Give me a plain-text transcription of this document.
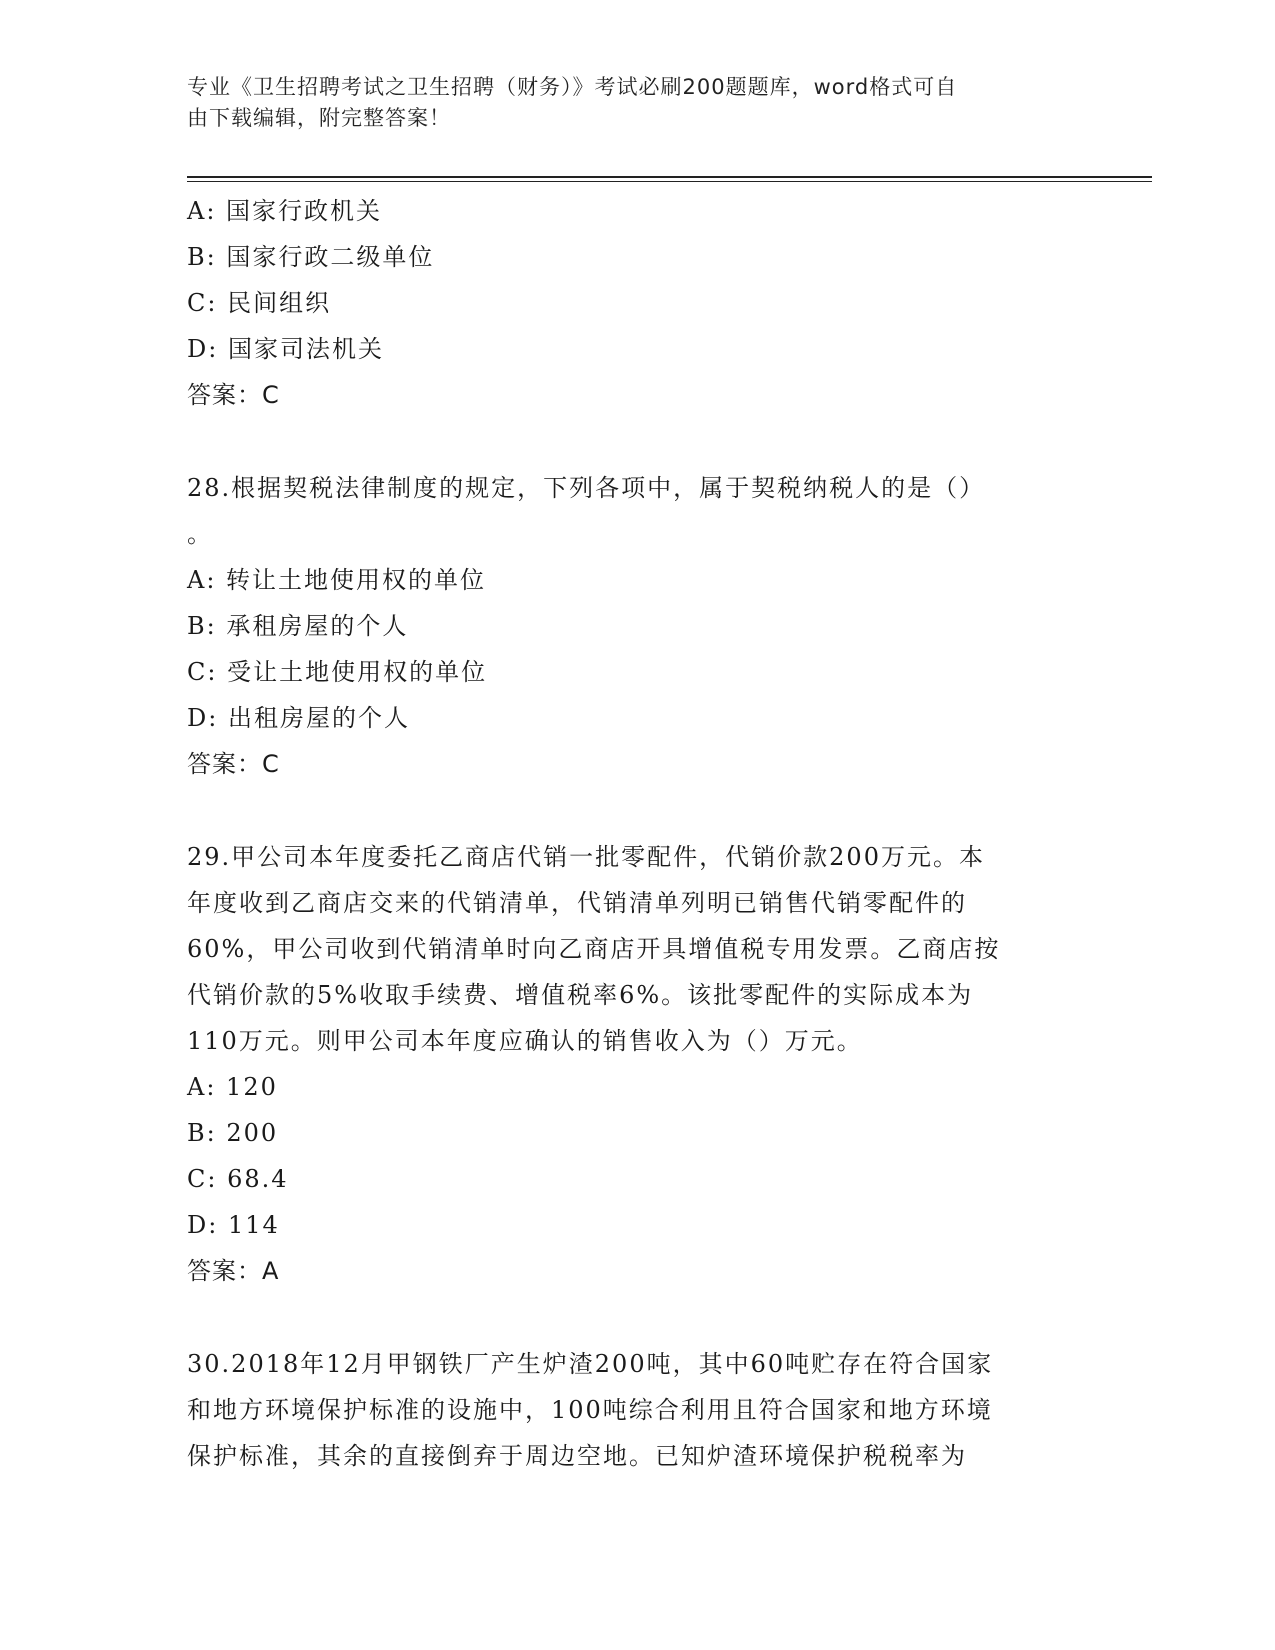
专业《卫生招聘考试之卫生招聘（财务）》考试必刷200题题库，word格式可自
由下载编辑，附完整答案！
A: 国家行政机关
B: 国家行政二级单位
C: 民间组织
D: 国家司法机关
答案：C
28.根据契税法律制度的规定，下列各项中，属于契税纳税人的是（）
。
A: 转让土地使用权的单位
B: 承租房屋的个人
C: 受让土地使用权的单位
D: 出租房屋的个人
答案：C
29.甲公司本年度委托乙商店代销一批零配件，代销价款200万元。本
年度收到乙商店交来的代销清单，代销清单列明已销售代销零配件的
60%，甲公司收到代销清单时向乙商店开具增值税专用发票。乙商店按
代销价款的5%收取手续费、增值税率6%。该批零配件的实际成本为
110万元。则甲公司本年度应确认的销售收入为（）万元。
A: 120
B: 200
C: 68.4
D: 114
答案：A
30.2018年12月甲钢铁厂产生炉渣200吨，其中60吨贮存在符合国家
和地方环境保护标准的设施中，100吨综合利用且符合国家和地方环境
保护标准，其余的直接倒弃于周边空地。已知炉渣环境保护税税率为
